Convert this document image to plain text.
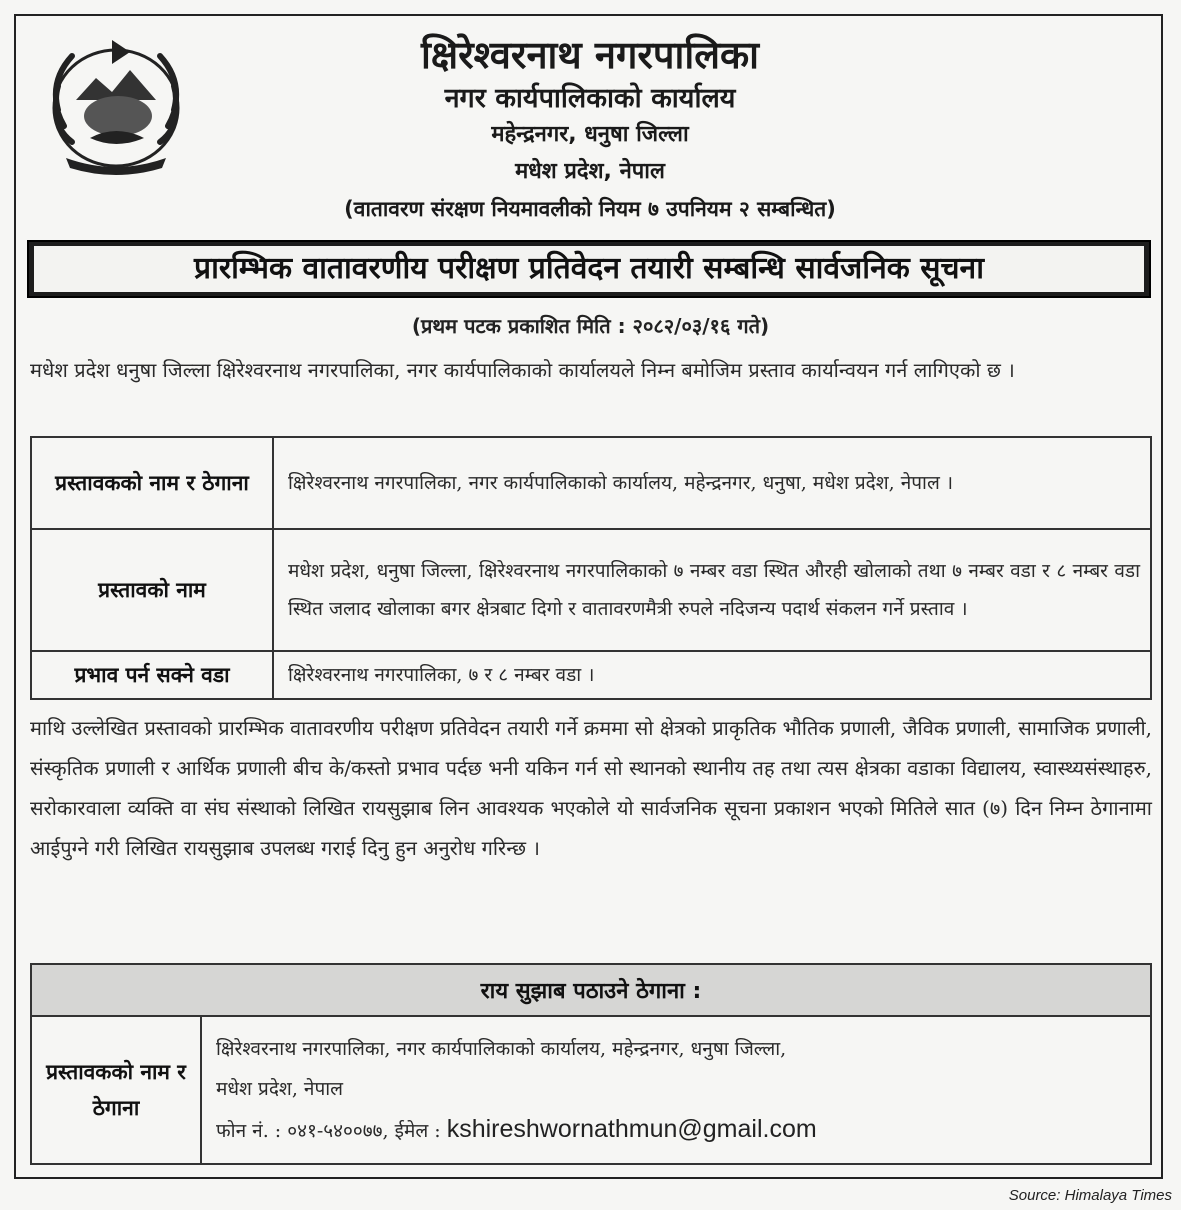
क्षिरेश्वरनाथ नगरपालिका
नगर कार्यपालिकाको कार्यालय
महेन्द्रनगर, धनुषा जिल्ला
मधेश प्रदेश, नेपाल
(वातावरण संरक्षण नियमावलीको नियम ७ उपनियम २ सम्बन्धित)
प्रारम्भिक वातावरणीय परीक्षण प्रतिवेदन तयारी सम्बन्धि सार्वजनिक सूचना
(प्रथम पटक प्रकाशित मिति : २०८२/०३/१६ गते)
मधेश प्रदेश धनुषा जिल्ला क्षिरेश्वरनाथ नगरपालिका, नगर कार्यपालिकाको कार्यालयले निम्न बमोजिम प्रस्ताव कार्यान्वयन गर्न लागिएको छ ।
प्रस्तावकको नाम र ठेगाना	क्षिरेश्वरनाथ नगरपालिका, नगर कार्यपालिकाको कार्यालय, महेन्द्रनगर, धनुषा, मधेश प्रदेश, नेपाल ।
प्रस्तावको नाम	मधेश प्रदेश, धनुषा जिल्ला, क्षिरेश्वरनाथ नगरपालिकाको ७ नम्बर वडा स्थित औरही खोलाको तथा ७ नम्बर वडा र ८ नम्बर वडा स्थित जलाद खोलाका बगर क्षेत्रबाट दिगो र वातावरणमैत्री रुपले नदिजन्य पदार्थ संकलन गर्ने प्रस्ताव ।
प्रभाव पर्न सक्ने वडा	क्षिरेश्वरनाथ नगरपालिका, ७ र ८ नम्बर वडा ।
माथि उल्लेखित प्रस्तावको प्रारम्भिक वातावरणीय परीक्षण प्रतिवेदन तयारी गर्ने क्रममा सो क्षेत्रको प्राकृतिक भौतिक प्रणाली, जैविक प्रणाली, सामाजिक प्रणाली, संस्कृतिक प्रणाली र आर्थिक प्रणाली बीच के/कस्तो प्रभाव पर्दछ भनी यकिन गर्न सो स्थानको स्थानीय तह तथा त्यस क्षेत्रका वडाका विद्यालय, स्वास्थ्यसंस्थाहरु, सरोकारवाला व्यक्ति वा संघ संस्थाको लिखित रायसुझाब लिन आवश्यक भएकोले यो सार्वजनिक सूचना प्रकाशन भएको मितिले सात (७) दिन निम्न ठेगानामा आईपुग्ने गरी लिखित रायसुझाब उपलब्ध गराई दिनु हुन अनुरोध गरिन्छ ।
राय सुझाब पठाउने ठेगाना :
प्रस्तावकको नाम र ठेगाना	
क्षिरेश्वरनाथ नगरपालिका, नगर कार्यपालिकाको कार्यालय, महेन्द्रनगर, धनुषा जिल्ला,
मधेश प्रदेश, नेपाल
फोन नं. : ०४१-५४००७७, ईमेल : kshireshwornathmun@gmail.com
Source: Himalaya Times
